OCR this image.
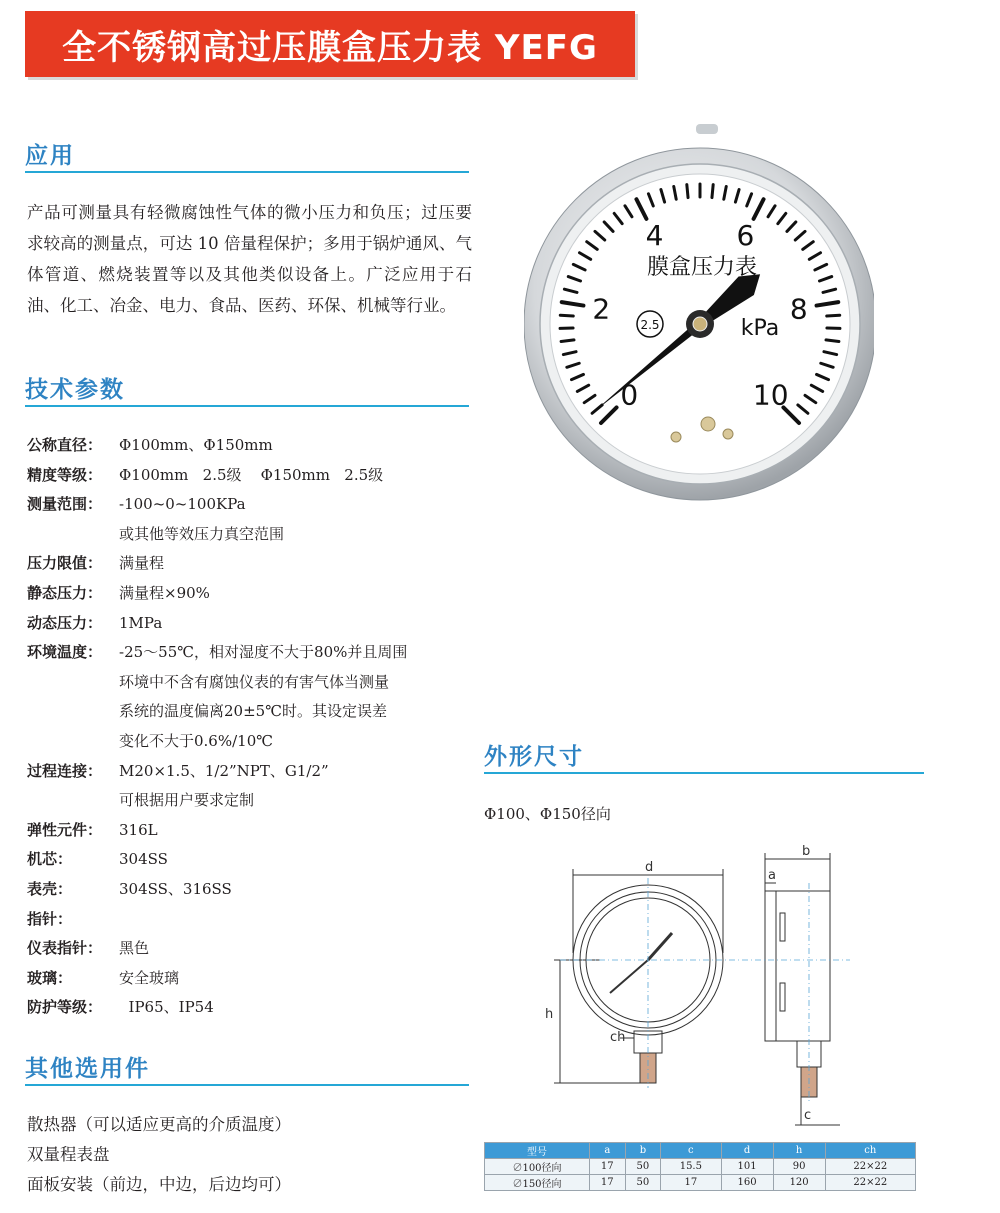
全不锈钢高过压膜盒压力表 YEFG
应用
产品可测量具有轻微腐蚀性气体的微小压力和负压；过压要求较高的测量点，可达 10 倍量程保护；多用于锅炉通风、气体管道、燃烧装置等以及其他类似设备上。广泛应用于石油、化工、冶金、电力、食品、医药、环保、机械等行业。
技术参数
公称直径：	Φ100mm、Φ150mm
精度等级：	Φ100mm   2.5级    Φ150mm   2.5级
测量范围：	-100~0~100KPa
或其他等效压力真空范围
压力限值：	满量程
静态压力：	满量程×90%
动态压力：	1MPa
环境温度：	-25～55℃，相对湿度不大于80%并且周围
环境中不含有腐蚀仪表的有害气体当测量
系统的温度偏离20±5℃时。其设定误差
变化不大于0.6%/10℃
过程连接：	M20×1.5、1/2”NPT、G1/2”
可根据用户要求定制
弹性元件：	316L
机芯：	304SS
表壳：	304SS、316SS
指针：
仪表指针：	黑色
玻璃：	安全玻璃
防护等级：	IP65、IP54
其他选用件
散热器（可以适应更高的介质温度）
双量程表盘
面板安装（前边，中边，后边均可）
外形尺寸
Φ100、Φ150径向
0
2
4	6
8
10
膜盒压力表
kPa
2.5
d
h
b
a
c
ch
型号	a	b	c	d	h	ch
∅100径向	17	50	15.5	101	90	22×22
∅150径向	17	50	17	160	120	22×22
